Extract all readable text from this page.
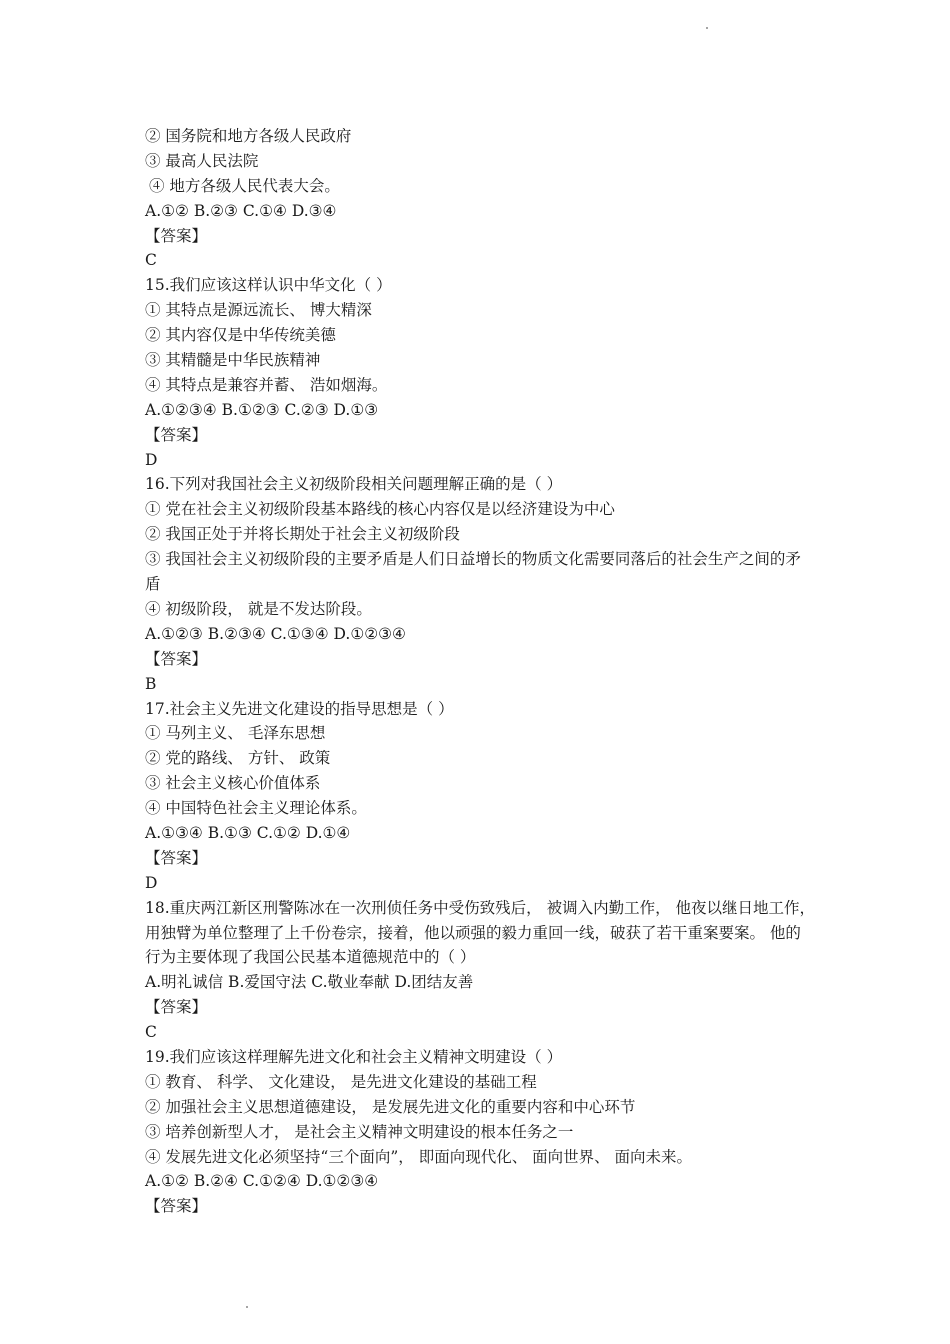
② 国务院和地方各级人民政府
③ 最高人民法院
④ 地方各级人民代表大会。
A.①② B.②③ C.①④ D.③④
【答案】
C
15.我们应该这样认识中华文化（ ）
① 其特点是源远流长、 博大精深
② 其内容仅是中华传统美德
③ 其精髓是中华民族精神
④ 其特点是兼容并蓄、 浩如烟海。
A.①②③④ B.①②③ C.②③ D.①③
【答案】
D
16.下列对我国社会主义初级阶段相关问题理解正确的是（ ）
① 党在社会主义初级阶段基本路线的核心内容仅是以经济建设为中心
② 我国正处于并将长期处于社会主义初级阶段
③ 我国社会主义初级阶段的主要矛盾是人们日益增长的物质文化需要同落后的社会生产之间的矛盾
④ 初级阶段， 就是不发达阶段。
A.①②③ B.②③④ C.①③④ D.①②③④
【答案】
B
17.社会主义先进文化建设的指导思想是（ ）
① 马列主义、 毛泽东思想
② 党的路线、 方针、 政策
③ 社会主义核心价值体系
④ 中国特色社会主义理论体系。
A.①③④ B.①③ C.①② D.①④
【答案】
D
18.重庆两江新区刑警陈冰在一次刑侦任务中受伤致残后， 被调入内勤工作， 他夜以继日地工作，用独臂为单位整理了上千份卷宗，接着，他以顽强的毅力重回一线，破获了若干重案要案。 他的行为主要体现了我国公民基本道德规范中的（ ）
A.明礼诚信 B.爱国守法 C.敬业奉献 D.团结友善
【答案】
C
19.我们应该这样理解先进文化和社会主义精神文明建设（ ）
① 教育、 科学、 文化建设， 是先进文化建设的基础工程
② 加强社会主义思想道德建设， 是发展先进文化的重要内容和中心环节
③ 培养创新型人才， 是社会主义精神文明建设的根本任务之一
④ 发展先进文化必须坚持“三个面向”， 即面向现代化、 面向世界、 面向未来。
A.①② B.②④ C.①②④ D.①②③④
【答案】
